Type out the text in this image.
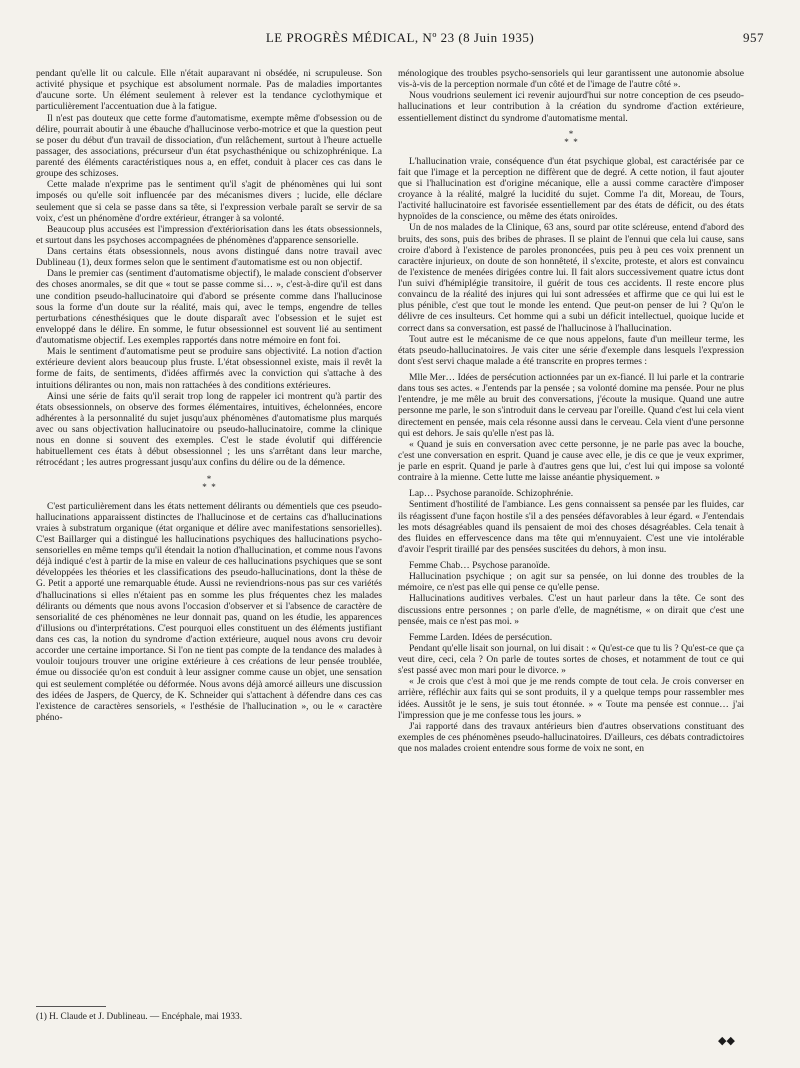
LE PROGRÈS MÉDICAL, Nº 23 (8 Juin 1935)	957

pendant qu'elle lit ou calcule. Elle n'était auparavant ni obsédée, ni scrupuleuse. Son activité physique et psychique est absolument normale. Pas de maladies importantes d'aucune sorte. Un élément seulement à relever est la tendance cyclothymique et particulièrement l'accentuation due à la fatigue.

Il n'est pas douteux que cette forme d'automatisme, exempte même d'obsession ou de délire, pourrait aboutir à une ébauche d'hallucinose verbo-motrice et que la question peut se poser du début d'un travail de dissociation, d'un relâchement, surtout à l'heure actuelle passager, des associations, précurseur d'un état psychasthénique ou schizophrénique. La parenté des éléments caractéristiques nous a, en effet, conduit à placer ces cas dans le groupe des schizoses.

Cette malade n'exprime pas le sentiment qu'il s'agit de phénomènes qui lui sont imposés ou qu'elle soit influencée par des mécanismes divers ; lucide, elle déclare seulement que si cela se passe dans sa tête, si l'expression verbale paraît se servir de sa voix, c'est un phénomène d'ordre extérieur, étranger à sa volonté.

Beaucoup plus accusées est l'impression d'extériorisation dans les états obsessionnels, et surtout dans les psychoses accompagnées de phénomènes d'apparence sensorielle.

Dans certains états obsessionnels, nous avons distingué dans notre travail avec Dublineau (1), deux formes selon que le sentiment d'automatisme est ou non objectif.

Dans le premier cas (sentiment d'automatisme objectif), le malade conscient d'observer des choses anormales, se dit que « tout se passe comme si… », c'est-à-dire qu'il est dans une condition pseudo-hallucinatoire qui d'abord se présente comme dans l'hallucinose sous la forme d'un doute sur la réalité, mais qui, avec le temps, engendre de telles perturbations cénesthésiques que le doute disparaît avec l'obsession et le sujet est enveloppé dans le délire. En somme, le futur obsessionnel est souvent lié au sentiment d'automatisme objectif. Les exemples rapportés dans notre mémoire en font foi.

Mais le sentiment d'automatisme peut se produire sans objectivité. La notion d'action extérieure devient alors beaucoup plus fruste. L'état obsessionnel existe, mais il revêt la forme de faits, de sentiments, d'idées affirmés avec la conviction qui s'attache à des intuitions délirantes ou non, mais non rattachées à des conditions extérieures.

Ainsi une série de faits qu'il serait trop long de rappeler ici montrent qu'à partir des états obsessionnels, on observe des formes élémentaires, intuitives, échelonnées, encore adhérentes à la personnalité du sujet jusqu'aux phénomènes d'automatisme plus marqués avec ou sans objectivation hallucinatoire ou pseudo-hallucinatoire, comme la clinique nous en donne si souvent des exemples. C'est le stade évolutif qui différencie habituellement ces états à début obsessionnel ; les uns s'arrêtant dans leur marche, rétrocédant ; les autres progressant jusqu'aux confins du délire ou de la démence.

*
* *

C'est particulièrement dans les états nettement délirants ou démentiels que ces pseudo-hallucinations apparaissent distinctes de l'hallucinose et de certains cas d'hallucinations vraies à substratum organique (état organique et délire avec manifestations sensorielles). C'est Baillarger qui a distingué les hallucinations psychiques des hallucinations psycho-sensorielles en même temps qu'il étendait la notion d'hallucination, et comme nous l'avons déjà indiqué c'est à partir de la mise en valeur de ces hallucinations psychiques que se sont développées les théories et les classifications des pseudo-hallucinations, dont la thèse de G. Petit a apporté une remarquable étude. Aussi ne reviendrions-nous pas sur ces variétés d'hallucinations si elles n'étaient pas en somme les plus fréquentes chez les malades délirants ou déments que nous avons l'occasion d'observer et si l'absence de caractère de sensorialité de ces phénomènes ne leur donnait pas, quand on les étudie, les apparences d'illusions ou d'interprétations. C'est pourquoi elles constituent un des éléments justifiant dans ces cas, la notion du syndrome d'action extérieure, auquel nous avons cru devoir accorder une certaine importance. Si l'on ne tient pas compte de la tendance des malades à vouloir toujours trouver une origine extérieure à ces créations de leur pensée troublée, émue ou dissociée qu'on est conduit à leur assigner comme cause un objet, une sensation qui est seulement complétée ou déformée. Nous avons déjà amorcé ailleurs une discussion des idées de Jaspers, de Quercy, de K. Schneider qui s'attachent à défendre dans ces cas l'existence de caractères sensoriels, « l'esthésie de l'hallucination », ou le « caractère phéno-

(1) H. Claude et J. Dublineau. — Encéphale, mai 1933.

ménologique des troubles psycho-sensoriels qui leur garantissent une autonomie absolue vis-à-vis de la perception normale d'un côté et de l'image de l'autre côté ».

Nous voudrions seulement ici revenir aujourd'hui sur notre conception de ces pseudo-hallucinations et leur contribution à la création du syndrome d'action extérieure, essentiellement distinct du syndrome d'automatisme mental.

*
* *

L'hallucination vraie, conséquence d'un état psychique global, est caractérisée par ce fait que l'image et la perception ne diffèrent que de degré. A cette notion, il faut ajouter que si l'hallucination est d'origine mécanique, elle a aussi comme caractère d'imposer croyance à la réalité, malgré la lucidité du sujet. Comme l'a dit, Moreau, de Tours, l'activité hallucinatoire est favorisée essentiellement par des états de déficit, ou des états hypnoïdes de la conscience, ou même des états oniroïdes.

Un de nos malades de la Clinique, 63 ans, sourd par otite scléreuse, entend d'abord des bruits, des sons, puis des bribes de phrases. Il se plaint de l'ennui que cela lui cause, sans croire d'abord à l'existence de paroles prononcées, puis peu à peu ces voix prennent un caractère injurieux, on doute de son honnêteté, il s'excite, proteste, et alors est convaincu de l'existence de menées dirigées contre lui. Il fait alors successivement quatre ictus dont l'un suivi d'hémiplégie transitoire, il guérit de tous ces accidents. Il reste encore plus convaincu de la réalité des injures qui lui sont adressées et affirme que ce qui lui est le plus pénible, c'est que tout le monde les entend. Que peut-on penser de lui ? Qu'on le délivre de ces insulteurs. Cet homme qui a subi un déficit intellectuel, quoique lucide et correct dans sa conversation, est passé de l'hallucinose à l'hallucination.

Tout autre est le mécanisme de ce que nous appelons, faute d'un meilleur terme, les états pseudo-hallucinatoires. Je vais citer une série d'exemple dans lesquels l'expression dont s'est servi chaque malade a été transcrite en propres termes :

Mlle Mer… Idées de persécution actionnées par un ex-fiancé. Il lui parle et la contrarie dans tous ses actes. « J'entends par la pensée ; sa volonté domine ma pensée. Pour ne plus l'entendre, je me mêle au bruit des conversations, j'écoute la musique. Quand une autre personne me parle, le son s'introduit dans le cerveau par l'oreille. Quand c'est lui cela vient directement en pensée, mais cela résonne aussi dans le cerveau. Cela vient d'une personne qui est dehors. Je sais qu'elle n'est pas là.

« Quand je suis en conversation avec cette personne, je ne parle pas avec la bouche, c'est une conversation en esprit. Quand je cause avec elle, je dis ce que je veux exprimer, je parle en esprit. Quand je parle à d'autres gens que lui, c'est lui qui impose sa volonté contraire à la mienne. Cette lutte me laisse anéantie physiquement. »

Lap… Psychose paranoïde. Schizophrénie.

Sentiment d'hostilité de l'ambiance. Les gens connaissent sa pensée par les fluides, car ils réagissent d'une façon hostile s'il a des pensées défavorables à leur égard. « J'entendais les mots désagréables quand ils pensaient de moi des choses désagréables. Cela tenait à des fluides en effervescence dans ma tête qui m'ennuyaient. C'est une vie intolérable d'avoir l'esprit tiraillé par des pensées suscitées du dehors, à mon insu.

Femme Chab… Psychose paranoïde.

Hallucination psychique ; on agit sur sa pensée, on lui donne des troubles de la mémoire, ce n'est pas elle qui pense ce qu'elle pense.

Hallucinations auditives verbales. C'est un haut parleur dans la tête. Ce sont des discussions entre personnes ; on parle d'elle, de magnétisme, « on dirait que c'est une pensée, mais ce n'est pas moi. »

Femme Larden. Idées de persécution.

Pendant qu'elle lisait son journal, on lui disait : « Qu'est-ce que tu lis ? Qu'est-ce que ça veut dire, ceci, cela ? On parle de toutes sortes de choses, et notamment de tout ce qui s'est passé avec mon mari pour le divorce. »

« Je crois que c'est à moi que je me rends compte de tout cela. Je crois converser en arrière, réfléchir aux faits qui se sont produits, il y a quelque temps pour rassembler mes idées. Aussitôt je le sens, je suis tout étonnée. » « Toute ma pensée est connue… j'ai l'impression que je me confesse tous les jours. »

J'ai rapporté dans des travaux antérieurs bien d'autres observations constituant des exemples de ces phénomènes pseudo-hallucinatoires. D'ailleurs, ces débats contradictoires que nos malades croient entendre sous forme de voix ne sont, en

◆◆
